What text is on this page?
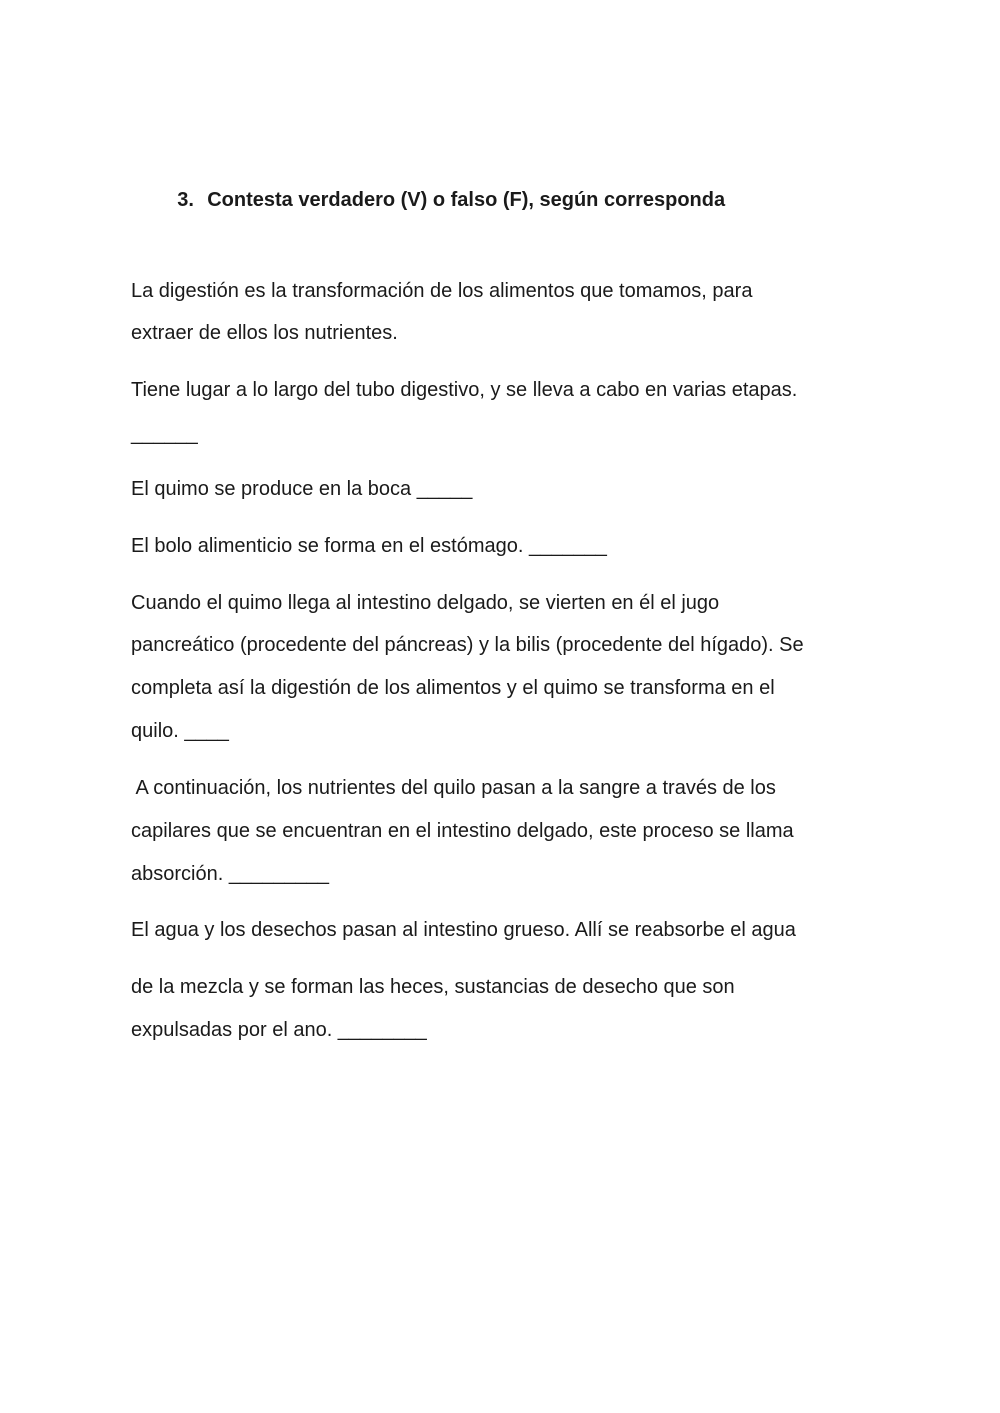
3. Contesta verdadero (V) o falso (F), según corresponda

La digestión es la transformación de los alimentos que tomamos, para
extraer de ellos los nutrientes.
Tiene lugar a lo largo del tubo digestivo, y se lleva a cabo en varias etapas.
______
El quimo se produce en la boca _____
El bolo alimenticio se forma en el estómago. _______
Cuando el quimo llega al intestino delgado, se vierten en él el jugo
pancreático (procedente del páncreas) y la bilis (procedente del hígado). Se
completa así la digestión de los alimentos y el quimo se transforma en el
quilo. ____
A continuación, los nutrientes del quilo pasan a la sangre a través de los
capilares que se encuentran en el intestino delgado, este proceso se llama
absorción. _________
El agua y los desechos pasan al intestino grueso. Allí se reabsorbe el agua
de la mezcla y se forman las heces, sustancias de desecho que son
expulsadas por el ano. ________
